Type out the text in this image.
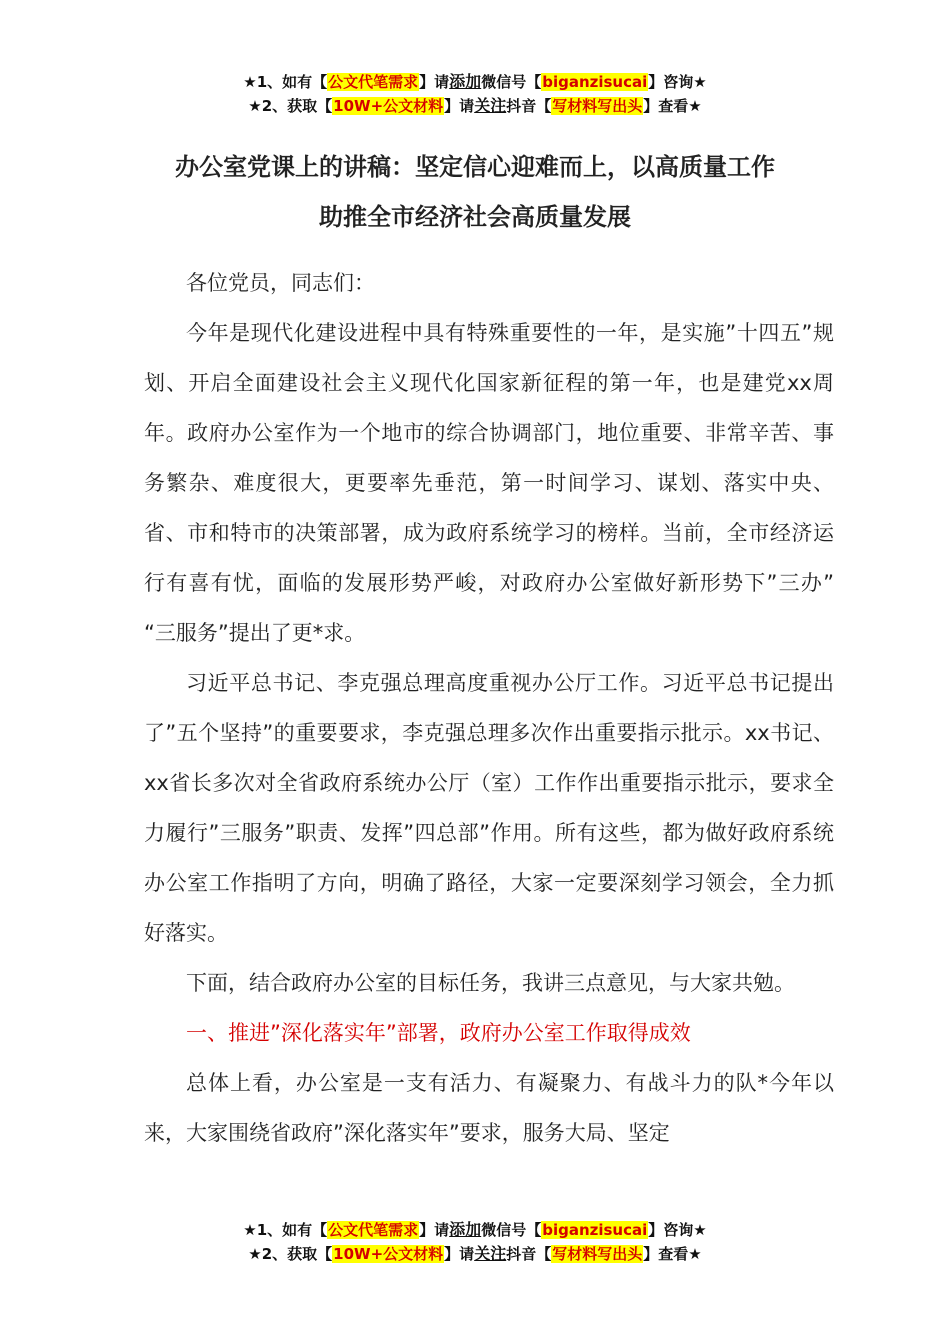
★1、如有【公文代笔需求】请添加微信号【biganzisucai】咨询★
★2、获取【10W+公文材料】请关注抖音【写材料写出头】查看★
办公室党课上的讲稿：坚定信心迎难而上，以高质量工作
助推全市经济社会高质量发展

各位党员，同志们：

今年是现代化建设进程中具有特殊重要性的一年，是实施”十四五”规划、开启全面建设社会主义现代化国家新征程的第一年，也是建党xx周年。政府办公室作为一个地市的综合协调部门，地位重要、非常辛苦、事务繁杂、难度很大，更要率先垂范，第一时间学习、谋划、落实中央、省、市和特市的决策部署，成为政府系统学习的榜样。当前，全市经济运行有喜有忧，面临的发展形势严峻，对政府办公室做好新形势下”三办” “三服务”提出了更*求。

习近平总书记、李克强总理高度重视办公厅工作。习近平总书记提出了”五个坚持”的重要要求，李克强总理多次作出重要指示批示。xx书记、xx省长多次对全省政府系统办公厅（室）工作作出重要指示批示，要求全力履行”三服务”职责、发挥”四总部”作用。所有这些，都为做好政府系统办公室工作指明了方向，明确了路径，大家一定要深刻学习领会，全力抓好落实。

下面，结合政府办公室的目标任务，我讲三点意见，与大家共勉。

一、推进”深化落实年”部署，政府办公室工作取得成效

总体上看，办公室是一支有活力、有凝聚力、有战斗力的队*今年以来，大家围绕省政府”深化落实年”要求，服务大局、坚定

★1、如有【公文代笔需求】请添加微信号【biganzisucai】咨询★
★2、获取【10W+公文材料】请关注抖音【写材料写出头】查看★
